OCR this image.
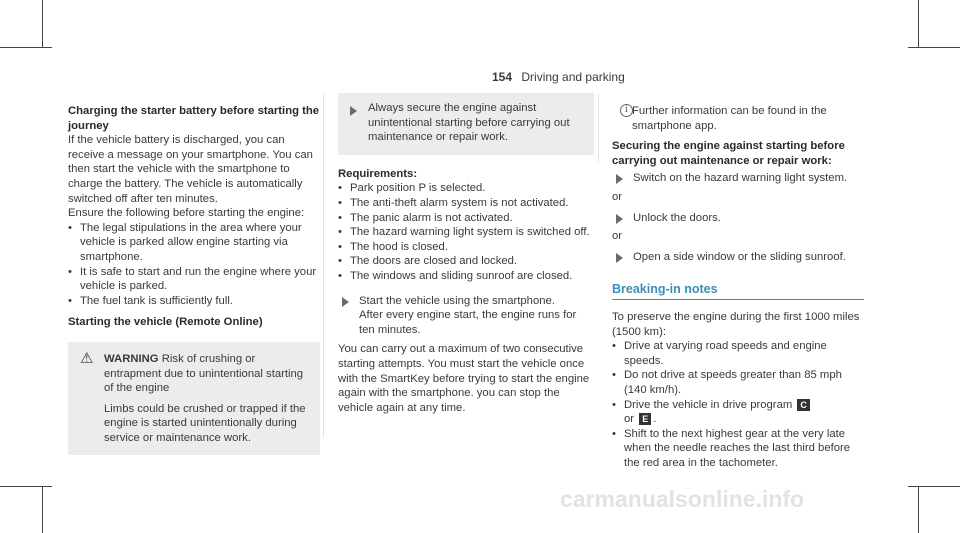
154 Driving and parking

Charging the starter battery before starting the journey

If the vehicle battery is discharged, you can receive a message on your smartphone. You can then start the vehicle with the smartphone to charge the battery. The vehicle is automatically switched off after ten minutes.

Ensure the following before starting the engine:

• The legal stipulations in the area where your vehicle is parked allow engine starting via smartphone.
• It is safe to start and run the engine where your vehicle is parked.
• The fuel tank is sufficiently full.

Starting the vehicle (Remote Online)

⚠ WARNING Risk of crushing or entrapment due to unintentional starting of the engine

Limbs could be crushed or trapped if the engine is started unintentionally during service or maintenance work.

Always secure the engine against unintentional starting before carrying out maintenance or repair work.

Requirements:

• Park position P is selected.
• The anti-theft alarm system is not activated.
• The panic alarm is not activated.
• The hazard warning light system is switched off.
• The hood is closed.
• The doors are closed and locked.
• The windows and sliding sunroof are closed.

Start the vehicle using the smartphone.

After every engine start, the engine runs for ten minutes.

You can carry out a maximum of two consecutive starting attempts. You must start the vehicle once with the SmartKey before trying to start the engine again with the smartphone. you can stop the vehicle again at any time.

i Further information can be found in the smartphone app.

Securing the engine against starting before carrying out maintenance or repair work:

Switch on the hazard warning light system.

or

Unlock the doors.

or

Open a side window or the sliding sunroof.

Breaking-in notes

To preserve the engine during the first 1000 miles (1500 km):

• Drive at varying road speeds and engine speeds.
• Do not drive at speeds greater than 85 mph (140 km/h).
• Drive the vehicle in drive program C
or E .
• Shift to the next highest gear at the very late when the needle reaches the last third before the red area in the tachometer.
carmanualsonline.info
